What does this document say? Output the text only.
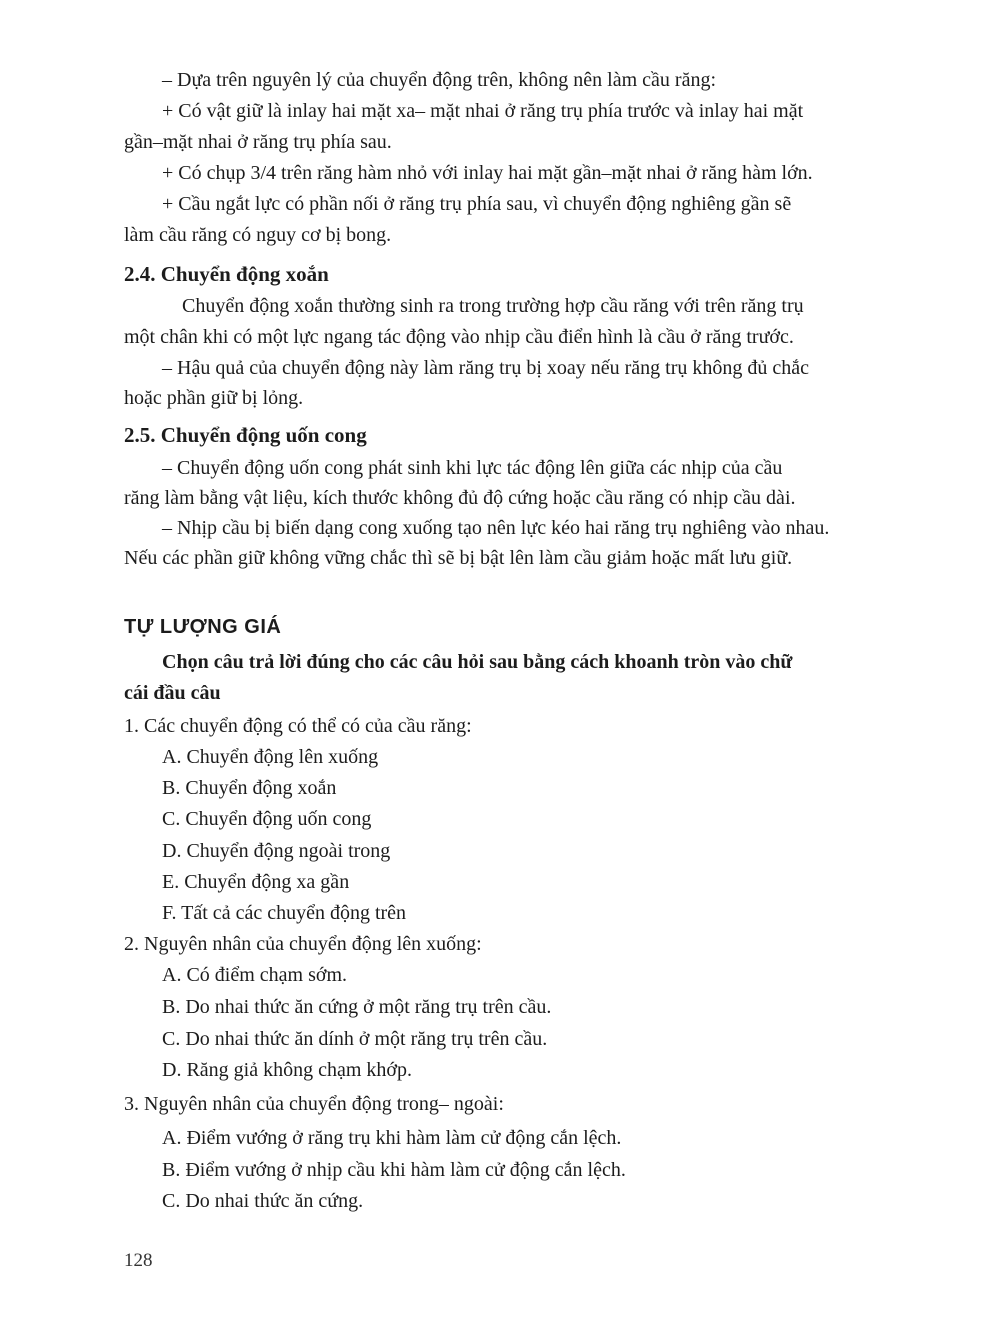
– Dựa trên nguyên lý của chuyển động trên, không nên làm cầu răng:
+ Có vật giữ là inlay hai mặt xa– mặt nhai ở răng trụ phía trước và inlay hai mặt
gần–mặt nhai ở răng trụ phía sau.
+ Có chụp 3/4 trên răng hàm nhỏ với inlay hai mặt gần–mặt nhai ở răng hàm lớn.
+ Cầu ngắt lực có phần nối ở răng trụ phía sau, vì chuyển động nghiêng gần sẽ
làm cầu răng có nguy cơ bị bong.
2.4. Chuyển động xoắn
Chuyển động xoắn thường sinh ra trong trường hợp cầu răng với trên răng trụ
một chân khi có một lực ngang tác động vào nhịp cầu điển hình là cầu ở răng trước.
– Hậu quả của chuyển động này làm răng trụ bị xoay nếu răng trụ không đủ chắc
hoặc phần giữ bị lỏng.
2.5. Chuyển động uốn cong
– Chuyển động uốn cong phát sinh khi lực tác động lên giữa các nhịp của cầu
răng làm bằng vật liệu, kích thước không đủ độ cứng hoặc cầu răng có nhịp cầu dài.
– Nhịp cầu bị biến dạng cong xuống tạo nên lực kéo hai răng trụ nghiêng vào nhau.
Nếu các phần giữ không vững chắc thì sẽ bị bật lên làm cầu giảm hoặc mất lưu giữ.
TỰ LƯỢNG GIÁ
Chọn câu trả lời đúng cho các câu hỏi sau bằng cách khoanh tròn vào chữ
cái đầu câu
1. Các chuyển động có thể có của cầu răng:
A. Chuyển động lên xuống
B. Chuyển động xoắn
C. Chuyển động uốn cong
D. Chuyển động ngoài trong
E. Chuyển động xa gần
F. Tất cả các chuyển động trên
2. Nguyên nhân của chuyển động lên xuống:
A. Có điểm chạm sớm.
B. Do nhai thức ăn cứng ở một răng trụ trên cầu.
C. Do nhai thức ăn dính ở một răng trụ trên cầu.
D. Răng giả không chạm khớp.
3. Nguyên nhân của chuyển động trong– ngoài:
A. Điểm vướng ở răng trụ khi hàm làm cử động cắn lệch.
B. Điểm vướng ở nhịp cầu khi hàm làm cử động cắn lệch.
C. Do nhai thức ăn cứng.
128
